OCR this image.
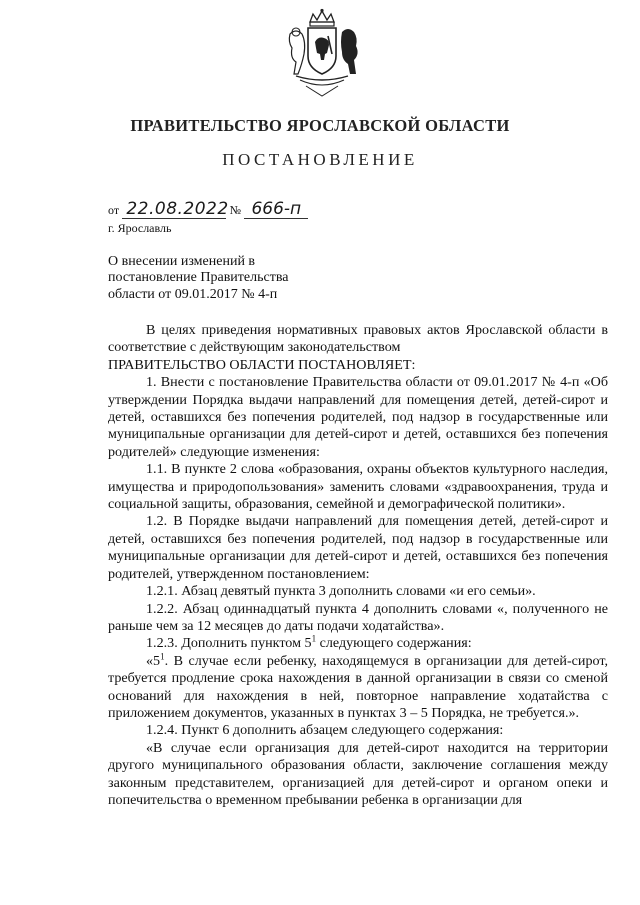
ПРАВИТЕЛЬСТВО ЯРОСЛАВСКОЙ ОБЛАСТИ
ПОСТАНОВЛЕНИЕ
от 22.08.2022 № 666-п
г. Ярославль
О внесении изменений в
постановление Правительства
области от 09.01.2017 № 4-п

В целях приведения нормативных правовых актов Ярославской области в соответствие с действующим законодательством

ПРАВИТЕЛЬСТВО ОБЛАСТИ ПОСТАНОВЛЯЕТ:

1. Внести с постановление Правительства области от 09.01.2017 № 4-п «Об утверждении Порядка выдачи направлений для помещения детей, детей-сирот и детей, оставшихся без попечения родителей, под надзор в государственные или муниципальные организации для детей-сирот и детей, оставшихся без попечения родителей» следующие изменения:

1.1. В пункте 2 слова «образования, охраны объектов культурного наследия, имущества и природопользования» заменить словами «здравоохранения, труда и социальной защиты, образования, семейной и демографической политики».

1.2. В Порядке выдачи направлений для помещения детей, детей-сирот и детей, оставшихся без попечения родителей, под надзор в государственные или муниципальные организации для детей-сирот и детей, оставшихся без попечения родителей, утвержденном постановлением:

1.2.1. Абзац девятый пункта 3 дополнить словами «и его семьи».

1.2.2. Абзац одиннадцатый пункта 4 дополнить словами «, полученного не раньше чем за 12 месяцев до даты подачи ходатайства».

1.2.3. Дополнить пунктом $5^1$ следующего содержания:

«$5^1$. В случае если ребенку, находящемуся в организации для детей-сирот, требуется продление срока нахождения в данной организации в связи со сменой оснований для нахождения в ней, повторное направление ходатайства с приложением документов, указанных в пунктах 3 – 5 Порядка, не требуется.».

1.2.4. Пункт 6 дополнить абзацем следующего содержания:

«В случае если организация для детей-сирот находится на территории другого муниципального образования области, заключение соглашения между законным представителем, организацией для детей-сирот и органом опеки и попечительства о временном пребывании ребенка в организации для
